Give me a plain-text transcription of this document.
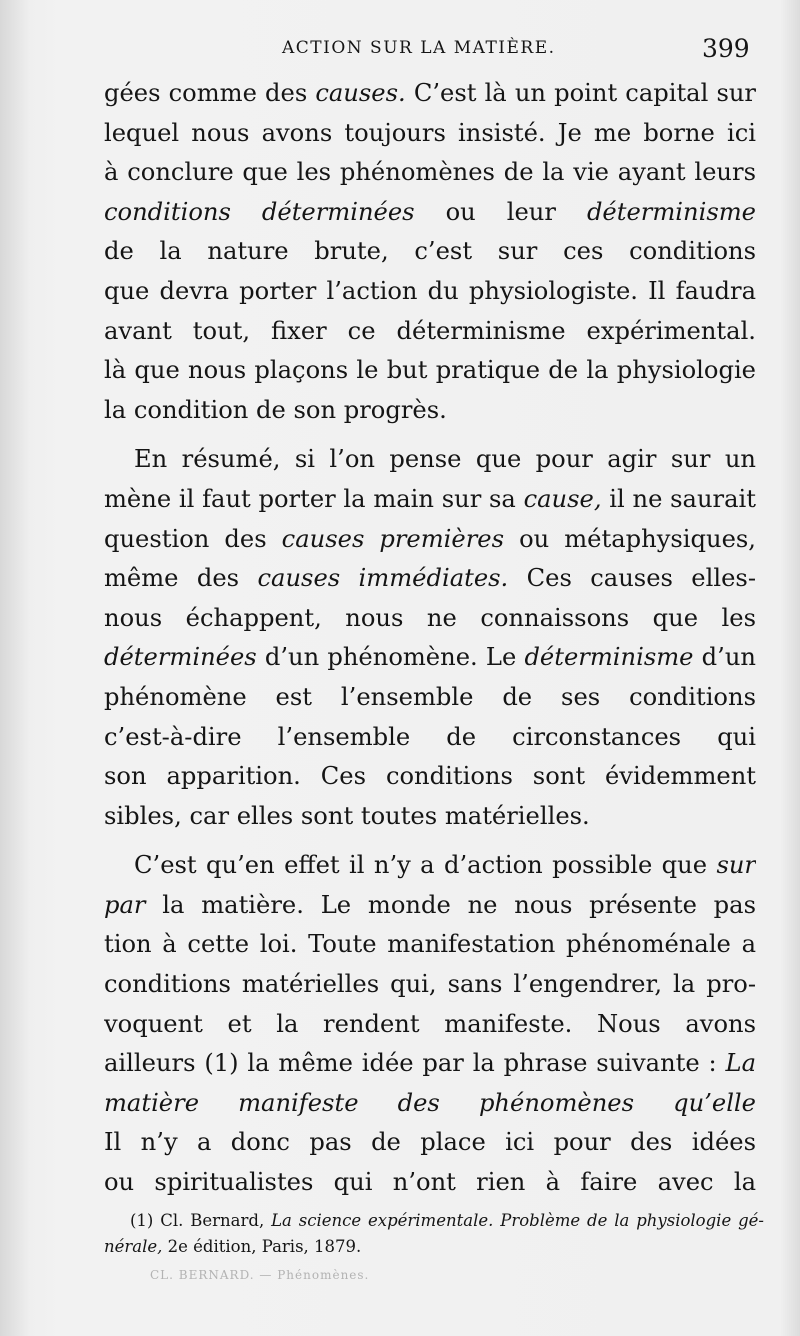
ACTION SUR LA MATIÈRE.	399

gées comme des causes. C’est là un point capital sur
lequel nous avons toujours insisté. Je me borne ici
à conclure que les phénomènes de la vie ayant leurs
conditions déterminées ou leur déterminisme
de la nature brute, c’est sur ces conditions
que devra porter l’action du physiologiste. Il faudra
avant tout, fixer ce déterminisme expérimental.
là que nous plaçons le but pratique de la physiologie
la condition de son progrès.

En résumé, si l’on pense que pour agir sur un
mène il faut porter la main sur sa cause, il ne saurait
question des causes premières ou métaphysiques,
même des causes immédiates. Ces causes elles-
nous échappent, nous ne connaissons que les
déterminées d’un phénomène. Le déterminisme d’un
phénomène est l’ensemble de ses conditions
c’est-à-dire l’ensemble de circonstances qui
son apparition. Ces conditions sont évidemment
sibles, car elles sont toutes matérielles.

C’est qu’en effet il n’y a d’action possible que sur
par la matière. Le monde ne nous présente pas
tion à cette loi. Toute manifestation phénoménale a
conditions matérielles qui, sans l’engendrer, la pro-
voquent et la rendent manifeste. Nous avons
ailleurs (1) la même idée par la phrase suivante : La
matière manifeste des phénomènes qu’elle
Il n’y a donc pas de place ici pour des idées
ou spiritualistes qui n’ont rien à faire avec la

(1) Cl. Bernard, La science expérimentale. Problème de la physiologie gé-
nérale, 2e édition, Paris, 1879.
CL. BERNARD. — Phénomènes.
